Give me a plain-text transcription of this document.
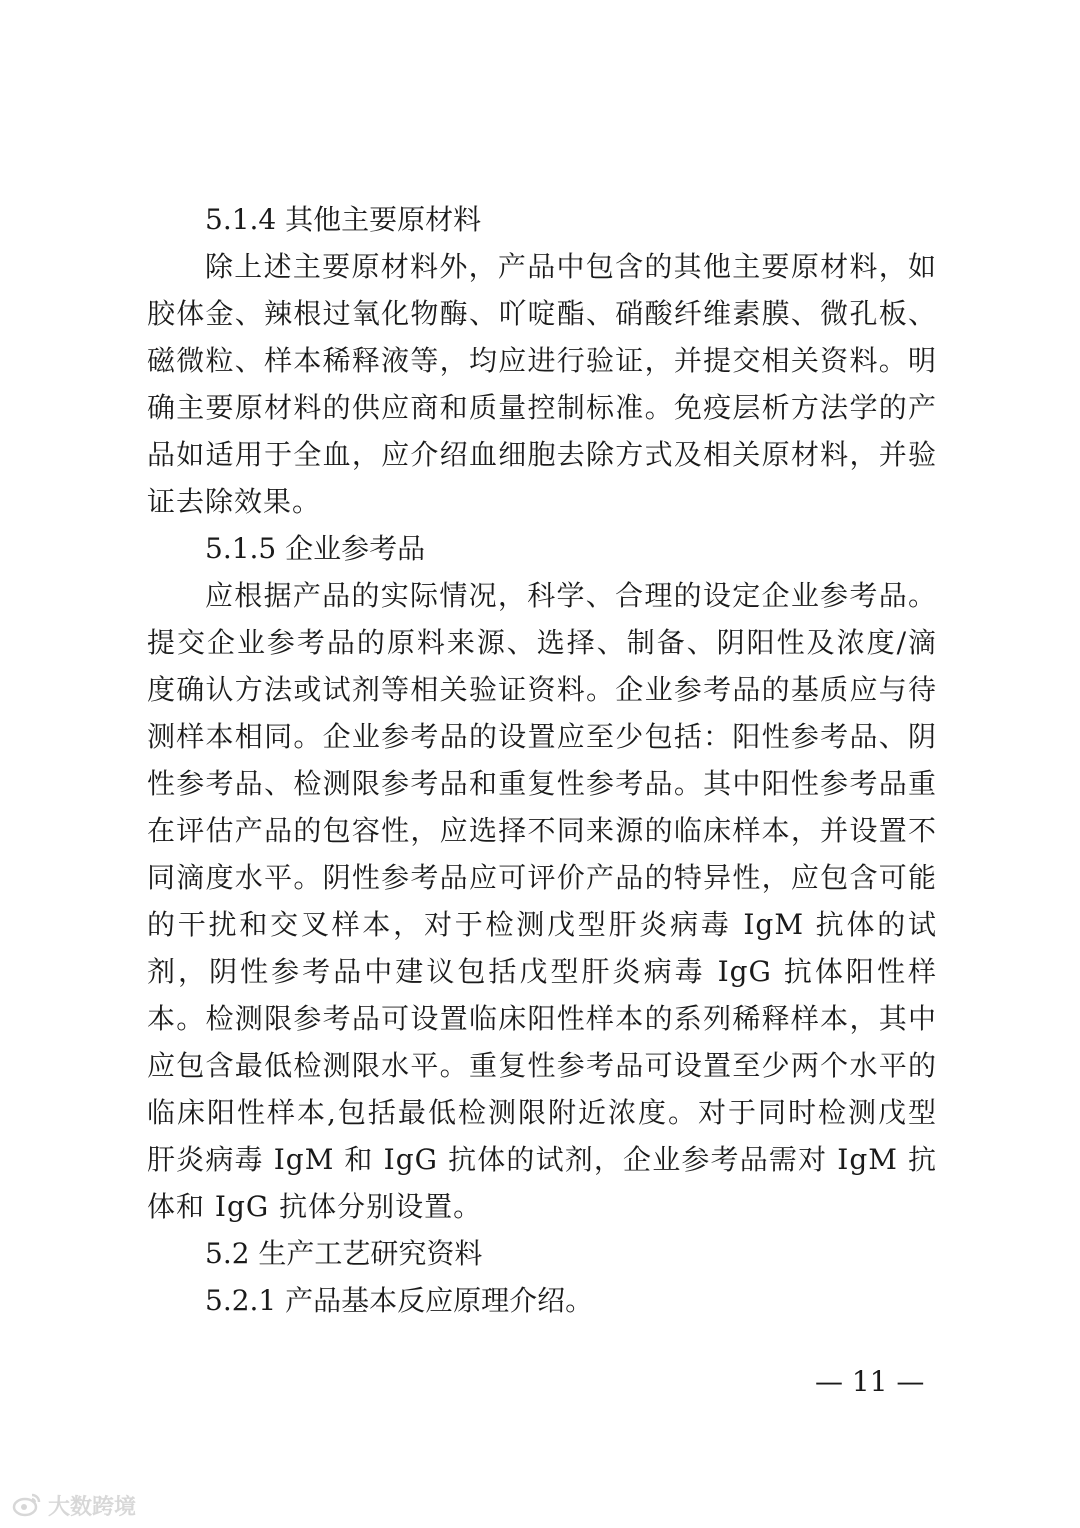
5.1.4 其他主要原材料

除上述主要原材料外，产品中包含的其他主要原材料，如胶体金、辣根过氧化物酶、吖啶酯、硝酸纤维素膜、微孔板、磁微粒、样本稀释液等，均应进行验证，并提交相关资料。明确主要原材料的供应商和质量控制标准。免疫层析方法学的产品如适用于全血，应介绍血细胞去除方式及相关原材料，并验证去除效果。

5.1.5 企业参考品

应根据产品的实际情况，科学、合理的设定企业参考品。提交企业参考品的原料来源、选择、制备、阴阳性及浓度/滴度确认方法或试剂等相关验证资料。企业参考品的基质应与待测样本相同。企业参考品的设置应至少包括：阳性参考品、阴性参考品、检测限参考品和重复性参考品。其中阳性参考品重在评估产品的包容性，应选择不同来源的临床样本，并设置不同滴度水平。阴性参考品应可评价产品的特异性，应包含可能的干扰和交叉样本，对于检测戊型肝炎病毒 IgM 抗体的试剂，阴性参考品中建议包括戊型肝炎病毒 IgG 抗体阳性样本。检测限参考品可设置临床阳性样本的系列稀释样本，其中应包含最低检测限水平。重复性参考品可设置至少两个水平的临床阳性样本,包括最低检测限附近浓度。对于同时检测戊型肝炎病毒 IgM 和 IgG 抗体的试剂，企业参考品需对 IgM 抗体和 IgG 抗体分别设置。

5.2 生产工艺研究资料

5.2.1 产品基本反应原理介绍。

— 11 —
大数跨境
